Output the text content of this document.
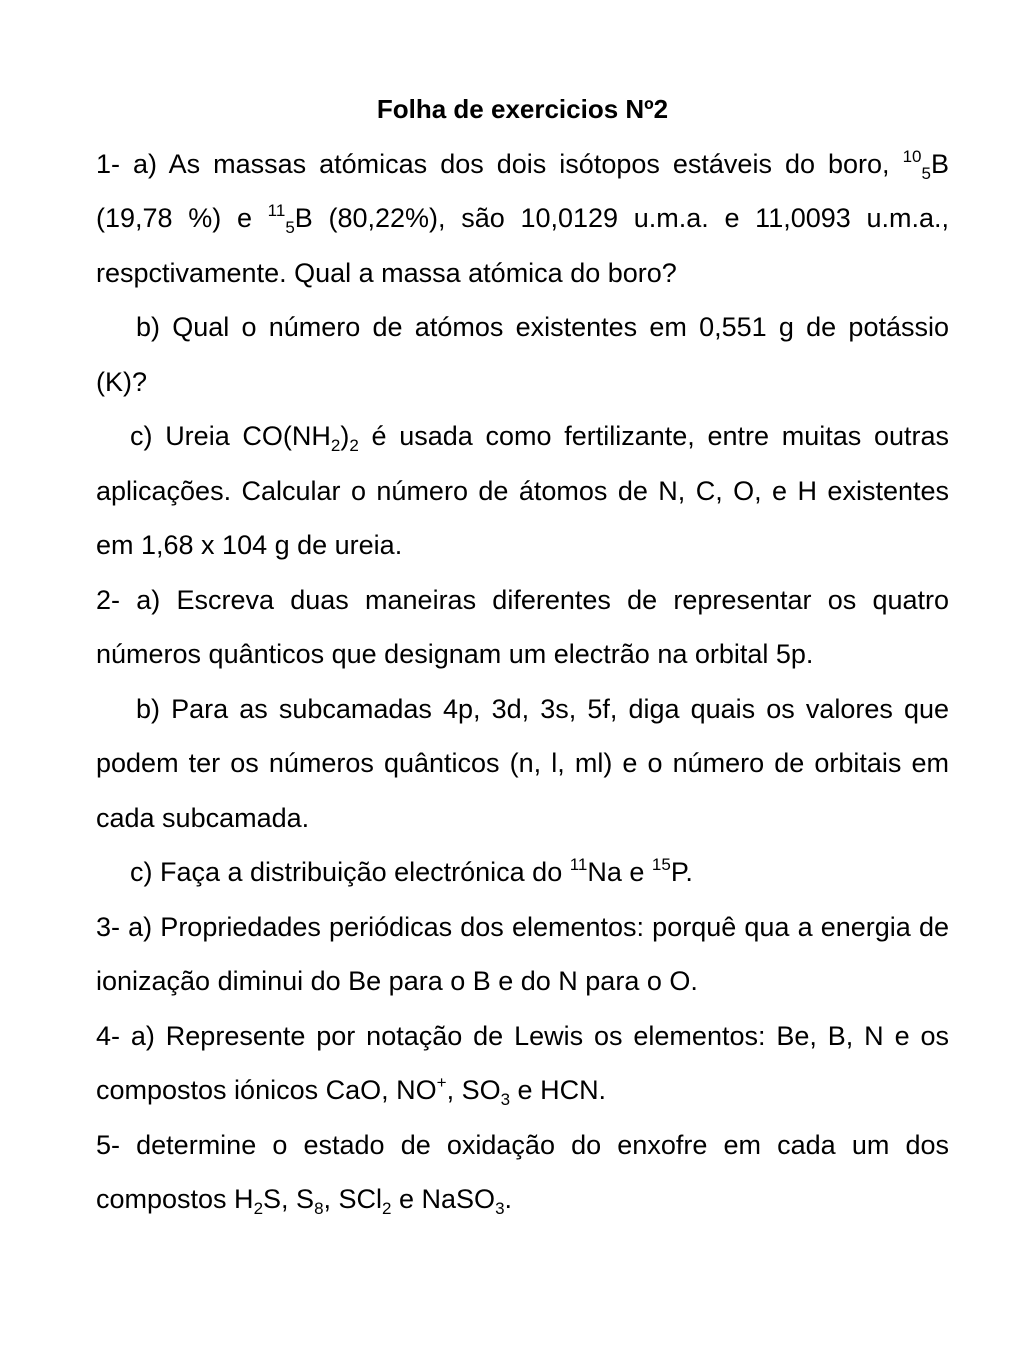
Folha de exercicios Nº2

1- a) As massas atómicas dos dois isótopos estáveis do boro, $^{10}_5$B (19,78 %) e $^{11}_5$B (80,22%), são 10,0129 u.m.a. e 11,0093 u.m.a., respctivamente. Qual a massa atómica do boro?

b) Qual o número de atómos existentes em 0,551 g de potássio (K)?

c) Ureia $CO(NH_2)_2$ é usada como fertilizante, entre muitas outras aplicações. Calcular o número de átomos de N, C, O, e H existentes em 1,68 x 104 g de ureia.

2- a) Escreva duas maneiras diferentes de representar os quatro números quânticos que designam um electrão na orbital 5p.

b) Para as subcamadas 4p, 3d, 3s, 5f, diga quais os valores que podem ter os números quânticos (n, l, ml) e o número de orbitais em cada subcamada.

c) Faça a distribuição electrónica do $^{11}$Na e $^{15}$P.

3- a) Propriedades periódicas dos elementos: porquê qua a energia de ionização diminui do Be para o B e do N para o O.

4- a) Represente por notação de Lewis os elementos: Be, B, N e os compostos iónicos CaO, NO+, $SO_3$ e HCN.

5- determine o estado de oxidação do enxofre em cada um dos compostos $H_2S$, $S_8$, SCl$_2$ e NaSO$_3$.
